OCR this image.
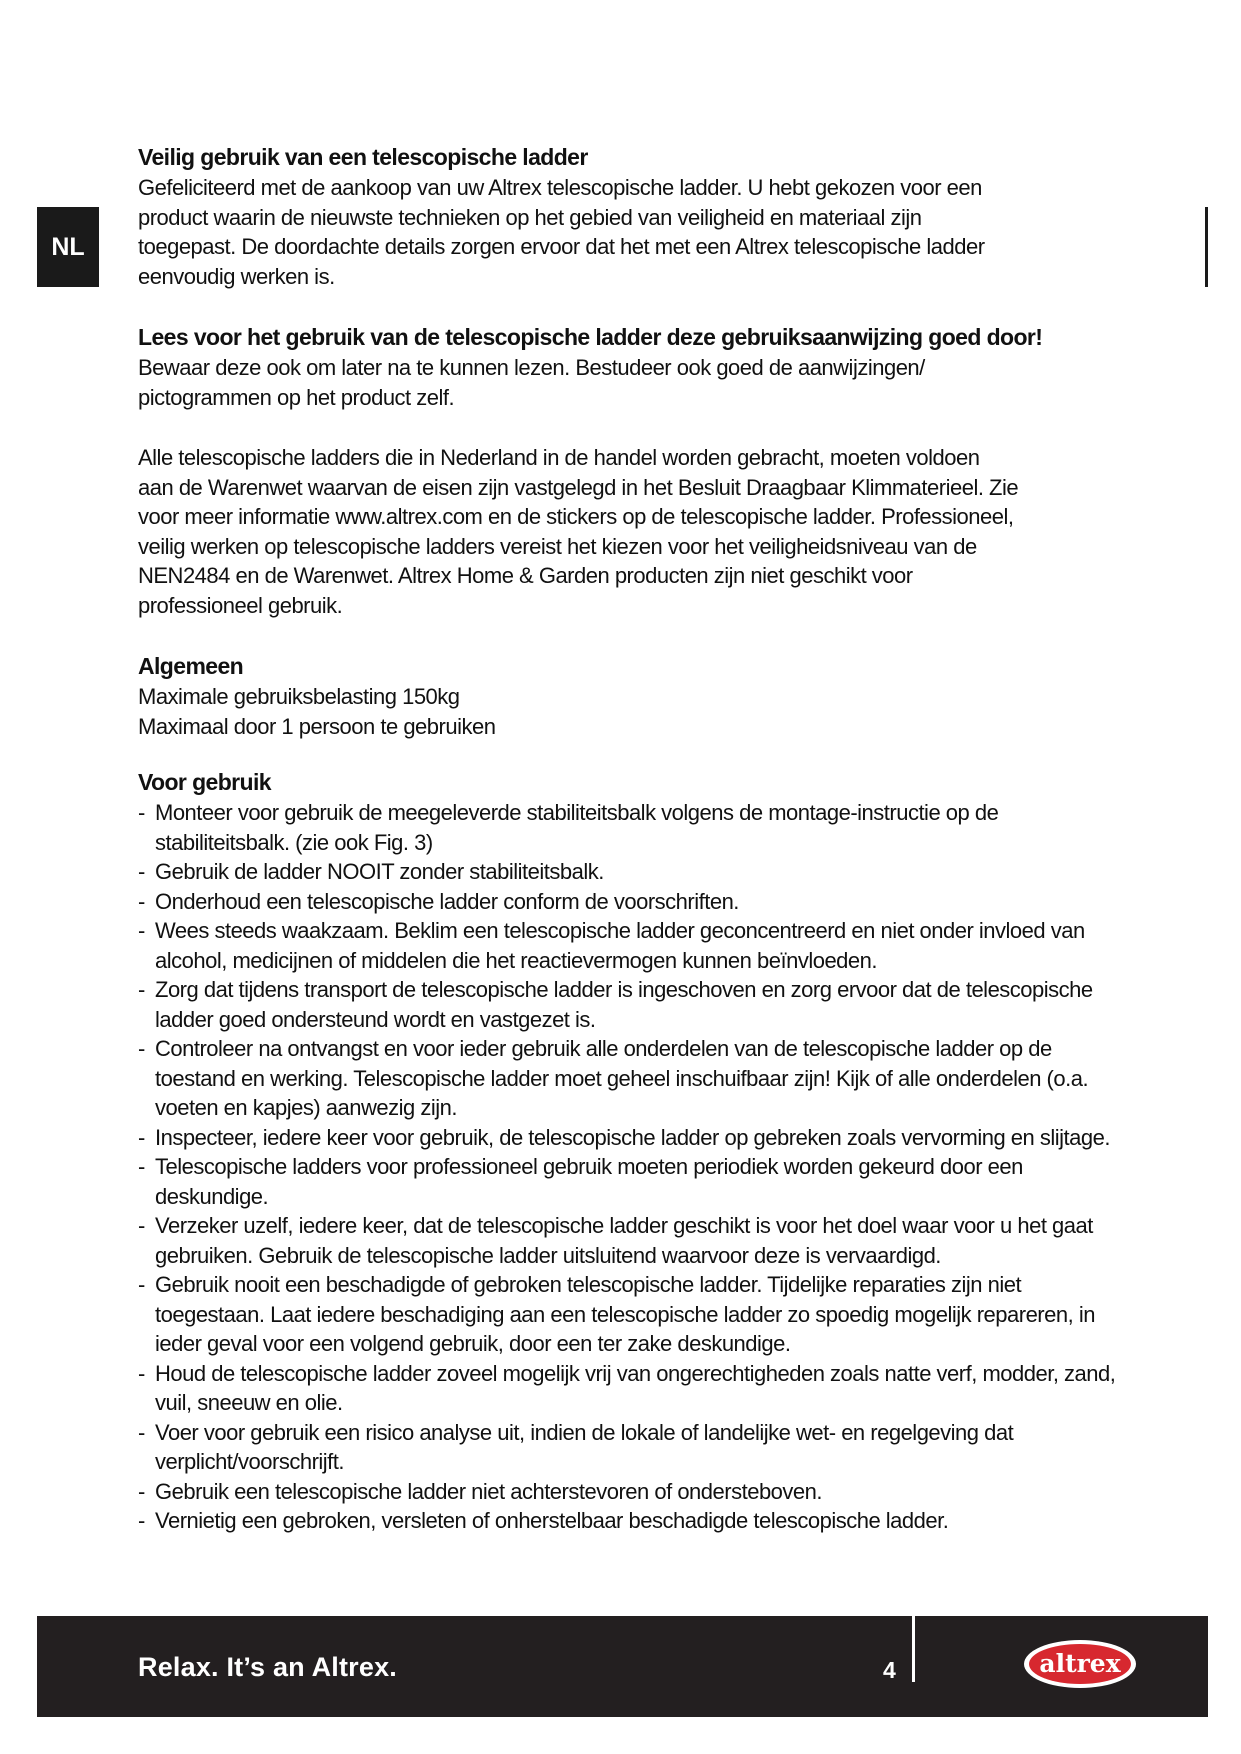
NL
Veilig gebruik van een telescopische ladder

Gefeliciteerd met de aankoop van uw Altrex telescopische ladder. U hebt gekozen voor een

product waarin de nieuwste technieken op het gebied van veiligheid en materiaal zijn

toegepast. De doordachte details zorgen ervoor dat het met een Altrex telescopische ladder

eenvoudig werken is.

Lees voor het gebruik van de telescopische ladder deze gebruiksaanwijzing goed door!

Bewaar deze ook om later na te kunnen lezen. Bestudeer ook goed de aanwijzingen/

pictogrammen op het product zelf.

Alle telescopische ladders die in Nederland in de handel worden gebracht, moeten voldoen

aan de Warenwet waarvan de eisen zijn vastgelegd in het Besluit Draagbaar Klimmaterieel. Zie

voor meer informatie www.altrex.com en de stickers op de telescopische ladder. Professioneel,

veilig werken op telescopische ladders vereist het kiezen voor het veiligheidsniveau van de

NEN2484 en de Warenwet. Altrex Home & Garden producten zijn niet geschikt voor

professioneel gebruik.

Algemeen

Maximale gebruiksbelasting 150kg

Maximaal door 1 persoon te gebruiken

Voor gebruik
- Monteer voor gebruik de meegeleverde stabiliteitsbalk volgens de montage-instructie op de stabiliteitsbalk. (zie ook Fig. 3)
- Gebruik de ladder NOOIT zonder stabiliteitsbalk.
- Onderhoud een telescopische ladder conform de voorschriften.
- Wees steeds waakzaam. Beklim een telescopische ladder geconcentreerd en niet onder invloed van alcohol, medicijnen of middelen die het reactievermogen kunnen beïnvloeden.
- Zorg dat tijdens transport de telescopische ladder is ingeschoven en zorg ervoor dat de telescopische ladder goed ondersteund wordt en vastgezet is.
- Controleer na ontvangst en voor ieder gebruik alle onderdelen van de telescopische ladder op de toestand en werking. Telescopische ladder moet geheel inschuifbaar zijn! Kijk of alle onderdelen (o.a. voeten en kapjes) aanwezig zijn.
- Inspecteer, iedere keer voor gebruik, de telescopische ladder op gebreken zoals vervorming en slijtage.
- Telescopische ladders voor professioneel gebruik moeten periodiek worden gekeurd door een deskundige.
- Verzeker uzelf, iedere keer, dat de telescopische ladder geschikt is voor het doel waar voor u het gaat gebruiken. Gebruik de telescopische ladder uitsluitend waarvoor deze is vervaardigd.
- Gebruik nooit een beschadigde of gebroken telescopische ladder. Tijdelijke reparaties zijn niet toegestaan. Laat iedere beschadiging aan een telescopische ladder zo spoedig mogelijk repareren, in ieder geval voor een volgend gebruik, door een ter zake deskundige.
- Houd de telescopische ladder zoveel mogelijk vrij van ongerechtigheden zoals natte verf, modder, zand, vuil, sneeuw en olie.
- Voer voor gebruik een risico analyse uit, indien de lokale of landelijke wet- en regelgeving dat verplicht/voorschrijft.
- Gebruik een telescopische ladder niet achterstevoren of ondersteboven.
- Vernietig een gebroken, versleten of onherstelbaar beschadigde telescopische ladder.
Relax. It’s an Altrex.	4	altrex
